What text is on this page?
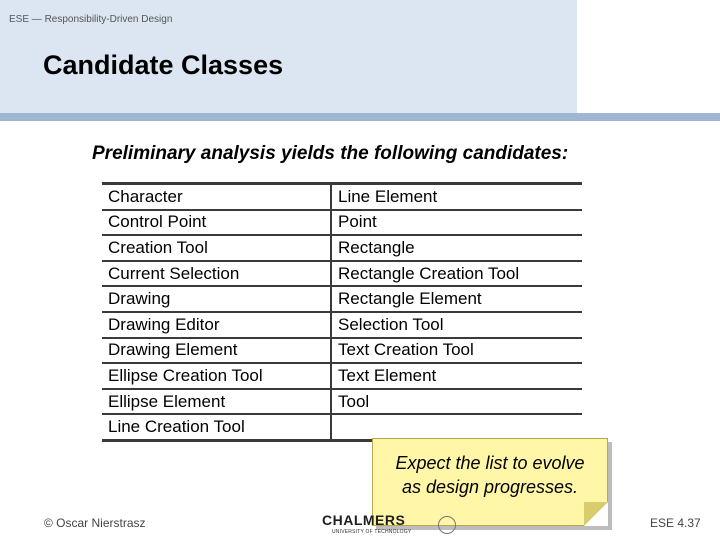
ESE — Responsibility-Driven Design
Candidate Classes
Preliminary analysis yields the following candidates:
Character	Line Element
Control Point	Point
Creation Tool	Rectangle
Current Selection	Rectangle Creation Tool
Drawing	Rectangle Element
Drawing Editor	Selection Tool
Drawing Element	Text Creation Tool
Ellipse Creation Tool	Text Element
Ellipse Element	Tool
Line Creation Tool	
Expect the list to evolve
as design progresses.
© Oscar Nierstrasz	CHALMERS
UNIVERSITY OF TECHNOLOGY
ESE 4.37
